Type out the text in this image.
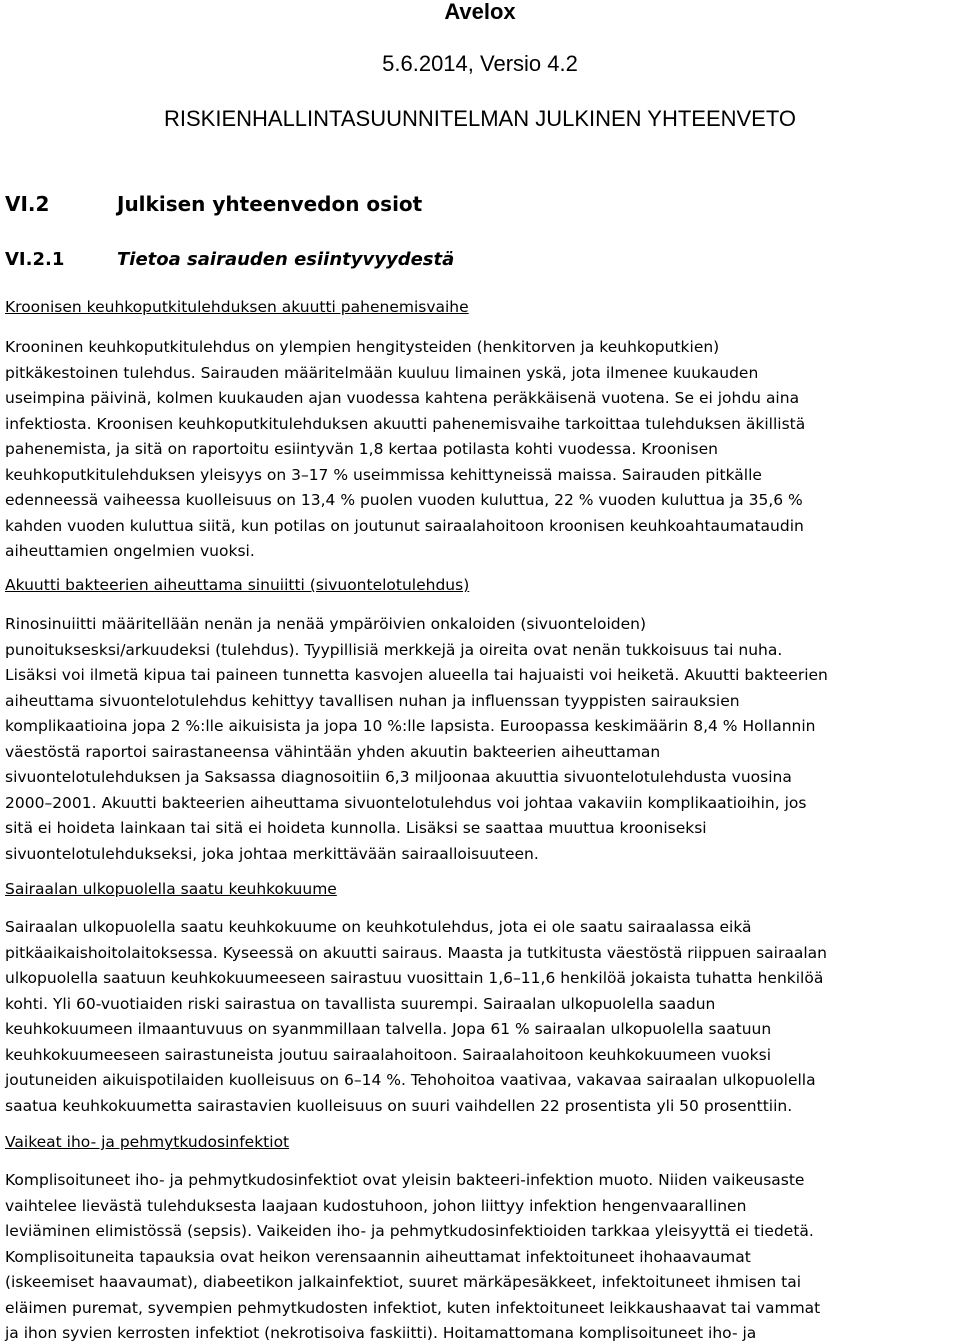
Avelox
5.6.2014, Versio 4.2
RISKIENHALLINTASUUNNITELMAN JULKINEN YHTEENVETO
VI.2	Julkisen yhteenvedon osiot
VI.2.1	Tietoa sairauden esiintyvyydestä
Kroonisen keuhkoputkitulehduksen akuutti pahenemisvaihe
Krooninen keuhkoputkitulehdus on ylempien hengitysteiden (henkitorven ja keuhkoputkien)
pitkäkestoinen tulehdus. Sairauden määritelmään kuuluu limainen yskä, jota ilmenee kuukauden
useimpina päivinä, kolmen kuukauden ajan vuodessa kahtena peräkkäisenä vuotena. Se ei johdu aina
infektiosta. Kroonisen keuhkoputkitulehduksen akuutti pahenemisvaihe tarkoittaa tulehduksen äkillistä
pahenemista, ja sitä on raportoitu esiintyvän 1,8 kertaa potilasta kohti vuodessa. Kroonisen
keuhkoputkitulehduksen yleisyys on 3–17 % useimmissa kehittyneissä maissa. Sairauden pitkälle
edenneessä vaiheessa kuolleisuus on 13,4 % puolen vuoden kuluttua, 22 % vuoden kuluttua ja 35,6 %
kahden vuoden kuluttua siitä, kun potilas on joutunut sairaalahoitoon kroonisen keuhkoahtaumataudin
aiheuttamien ongelmien vuoksi.
Akuutti bakteerien aiheuttama sinuiitti (sivuontelotulehdus)
Rinosinuiitti määritellään nenän ja nenää ympäröivien onkaloiden (sivuonteloiden)
punoituksesksi/arkuudeksi (tulehdus). Tyypillisiä merkkejä ja oireita ovat nenän tukkoisuus tai nuha.
Lisäksi voi ilmetä kipua tai paineen tunnetta kasvojen alueella tai hajuaisti voi heiketä. Akuutti bakteerien
aiheuttama sivuontelotulehdus kehittyy tavallisen nuhan ja influenssan tyyppisten sairauksien
komplikaatioina jopa 2 %:lle aikuisista ja jopa 10 %:lle lapsista. Euroopassa keskimäärin 8,4 % Hollannin
väestöstä raportoi sairastaneensa vähintään yhden akuutin bakteerien aiheuttaman
sivuontelotulehduksen ja Saksassa diagnosoitiin 6,3 miljoonaa akuuttia sivuontelotulehdusta vuosina
2000–2001. Akuutti bakteerien aiheuttama sivuontelotulehdus voi johtaa vakaviin komplikaatioihin, jos
sitä ei hoideta lainkaan tai sitä ei hoideta kunnolla. Lisäksi se saattaa muuttua krooniseksi
sivuontelotulehdukseksi, joka johtaa merkittävään sairaalloisuuteen.
Sairaalan ulkopuolella saatu keuhkokuume
Sairaalan ulkopuolella saatu keuhkokuume on keuhkotulehdus, jota ei ole saatu sairaalassa eikä
pitkäaikaishoitolaitoksessa. Kyseessä on akuutti sairaus. Maasta ja tutkitusta väestöstä riippuen sairaalan
ulkopuolella saatuun keuhkokuumeeseen sairastuu vuosittain 1,6–11,6 henkilöä jokaista tuhatta henkilöä
kohti. Yli 60-vuotiaiden riski sairastua on tavallista suurempi. Sairaalan ulkopuolella saadun
keuhkokuumeen ilmaantuvuus on syanmmillaan talvella. Jopa 61 % sairaalan ulkopuolella saatuun
keuhkokuumeeseen sairastuneista joutuu sairaalahoitoon. Sairaalahoitoon keuhkokuumeen vuoksi
joutuneiden aikuispotilaiden kuolleisuus on 6–14 %. Tehohoitoa vaativaa, vakavaa sairaalan ulkopuolella
saatua keuhkokuumetta sairastavien kuolleisuus on suuri vaihdellen 22 prosentista yli 50 prosenttiin.
Vaikeat iho- ja pehmytkudosinfektiot
Komplisoituneet iho- ja pehmytkudosinfektiot ovat yleisin bakteeri-infektion muoto. Niiden vaikeusaste
vaihtelee lievästä tulehduksesta laajaan kudostuhoon, johon liittyy infektion hengenvaarallinen
leviäminen elimistössä (sepsis). Vaikeiden iho- ja pehmytkudosinfektioiden tarkkaa yleisyyttä ei tiedetä.
Komplisoituneita tapauksia ovat heikon verensaannin aiheuttamat infektoituneet ihohaavaumat
(iskeemiset haavaumat), diabeetikon jalkainfektiot, suuret märkäpesäkkeet, infektoituneet ihmisen tai
eläimen puremat, syvempien pehmytkudosten infektiot, kuten infektoituneet leikkaushaavat tai vammat
ja ihon syvien kerrosten infektiot (nekrotisoiva faskiitti). Hoitamattomana komplisoituneet iho- ja
